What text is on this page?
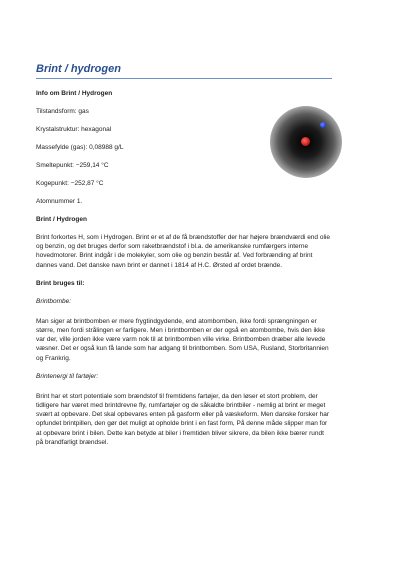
Brint / hydrogen

Info om Brint / Hydrogen

Tilstandsform: gas

Krystalstruktur: hexagonal

Massefylde (gas): 0,08988 g/L

Smeltepunkt: −259,14 °C

Kogepunkt: −252,87 °C

Atomnummer 1.

Brint / Hydrogen

Brint forkortes H, som i Hydrogen. Brint er et af de få brændstoffer der har højere brændværdi end olie og benzin, og det bruges derfor som raketbrændstof i bl.a. de amerikanske rumfærgers interne hovedmotorer. Brint indgår i de molekyler, som olie og benzin består af. Ved forbrænding af brint dannes vand. Det danske navn brint er dannet i 1814 af H.C. Ørsted af ordet brænde.

Brint bruges til:

Brintbombe:

Man siger at brintbomben er mere frygtindgydende, end atombomben, ikke fordi sprængningen er større, men fordi strålingen er farligere. Men i brintbomben er der også en atombombe, hvis den ikke var der, ville jorden ikke være varm nok til at brintbomben ville virke. Brintbomben dræber alle levede væsner. Det er også kun få lande som har adgang til brintbomben. Som USA, Rusland, Storbritannien og Frankrig.

Brintenergi til fartøjer:

Brint har et stort potentiale som brændstof til fremtidens fartøjer, da den løser et stort problem, der tidligere har været med brintdrevne fly, rumfartøjer og de såkaldte brintbiler - nemlig at brint er meget svært at opbevare. Det skal opbevares enten på gasform eller på væskeform. Men danske forsker har opfundet brintpillen, den gør det muligt at opholde brint i en fast form, På denne måde slipper man for at opbevare brint i bilen. Dette kan betyde at biler i fremtiden bliver sikrere, da bilen ikke bærer rundt på brandfarligt brændsel.
